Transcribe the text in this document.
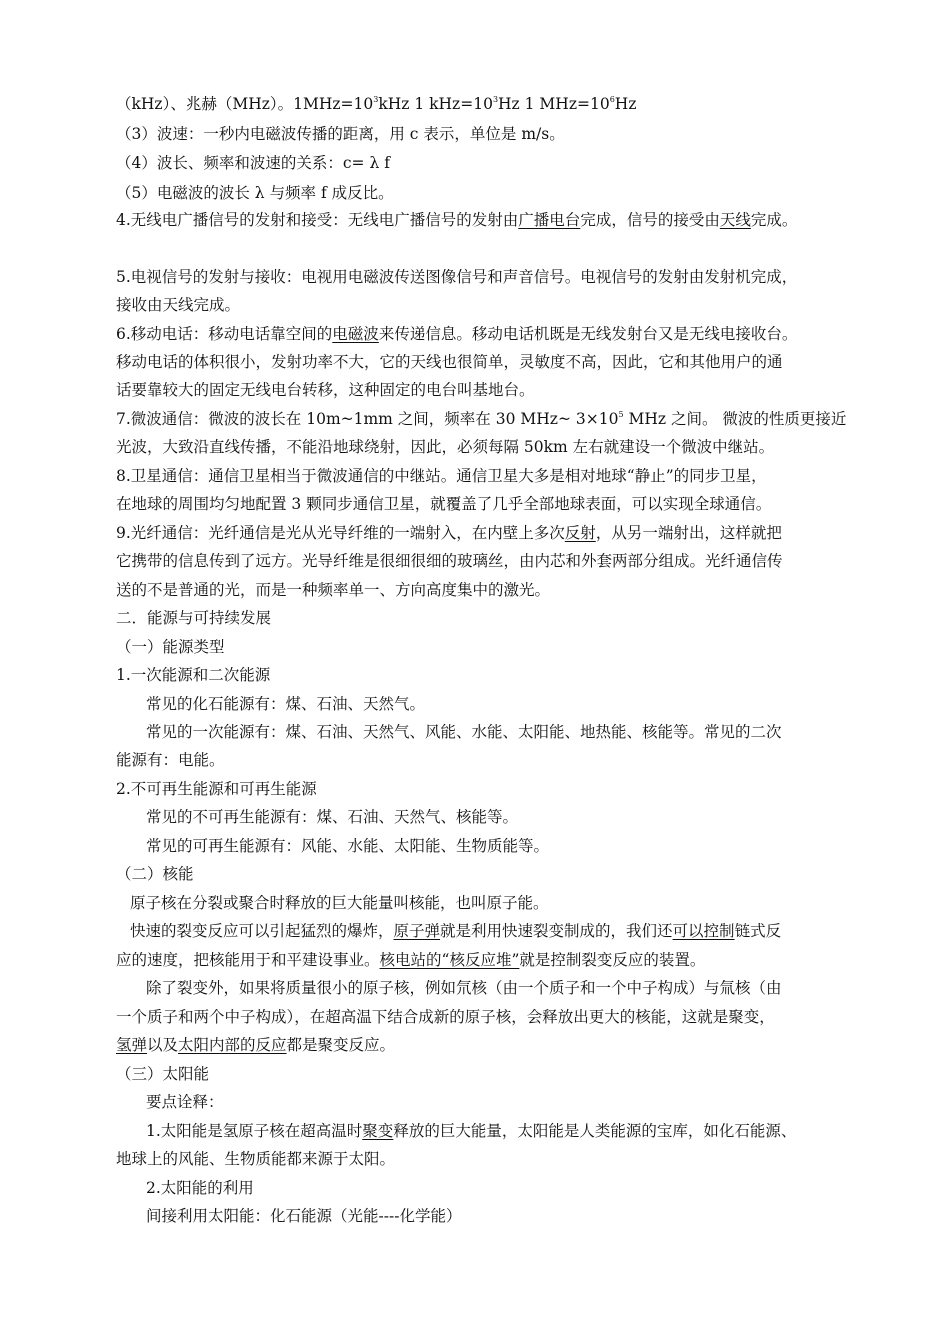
（kHz）、兆赫（MHz）。$1MHz=10^3kHz$ 1 $kHz=10^3Hz$ 1 $MHz=10^6Hz$
（3）波速：一秒内电磁波传播的距离，用 c 表示，单位是 m/s。
（4）波长、频率和波速的关系：c= λ f
（5）电磁波的波长 λ 与频率 f 成反比。
4.无线电广播信号的发射和接受：无线电广播信号的发射由广播电台完成，信号的接受由天线完成。
5.电视信号的发射与接收：电视用电磁波传送图像信号和声音信号。电视信号的发射由发射机完成，
接收由天线完成。
6.移动电话：移动电话靠空间的电磁波来传递信息。移动电话机既是无线发射台又是无线电接收台。
移动电话的体积很小，发射功率不大，它的天线也很简单，灵敏度不高，因此，它和其他用户的通
话要靠较大的固定无线电台转移，这种固定的电台叫基地台。
7.微波通信：微波的波长在 10m~1mm 之间，频率在 30 MHz~ $3\times 10^5$ MHz 之间。 微波的性质更接近
光波，大致沿直线传播，不能沿地球绕射，因此，必须每隔 50km 左右就建设一个微波中继站。
8.卫星通信：通信卫星相当于微波通信的中继站。通信卫星大多是相对地球“静止”的同步卫星，
在地球的周围均匀地配置 3 颗同步通信卫星，就覆盖了几乎全部地球表面，可以实现全球通信。
9.光纤通信：光纤通信是光从光导纤维的一端射入，在内壁上多次反射，从另一端射出，这样就把
它携带的信息传到了远方。光导纤维是很细很细的玻璃丝，由内芯和外套两部分组成。光纤通信传
送的不是普通的光，而是一种频率单一、方向高度集中的激光。
二．能源与可持续发展
（一）能源类型
1.一次能源和二次能源
常见的化石能源有：煤、石油、天然气。
常见的一次能源有：煤、石油、天然气、风能、水能、太阳能、地热能、核能等。常见的二次
能源有：电能。
2.不可再生能源和可再生能源
常见的不可再生能源有：煤、石油、天然气、核能等。
常见的可再生能源有：风能、水能、太阳能、生物质能等。
（二）核能
原子核在分裂或聚合时释放的巨大能量叫核能，也叫原子能。
快速的裂变反应可以引起猛烈的爆炸，原子弹就是利用快速裂变制成的，我们还可以控制链式反
应的速度，把核能用于和平建设事业。核电站的“核反应堆”就是控制裂变反应的装置。
除了裂变外，如果将质量很小的原子核，例如氘核（由一个质子和一个中子构成）与氚核（由
一个质子和两个中子构成），在超高温下结合成新的原子核，会释放出更大的核能，这就是聚变，
氢弹以及太阳内部的反应都是聚变反应。
（三）太阳能
要点诠释：
1.太阳能是氢原子核在超高温时聚变释放的巨大能量，太阳能是人类能源的宝库，如化石能源、
地球上的风能、生物质能都来源于太阳。
2.太阳能的利用
间接利用太阳能：化石能源（光能----化学能）
